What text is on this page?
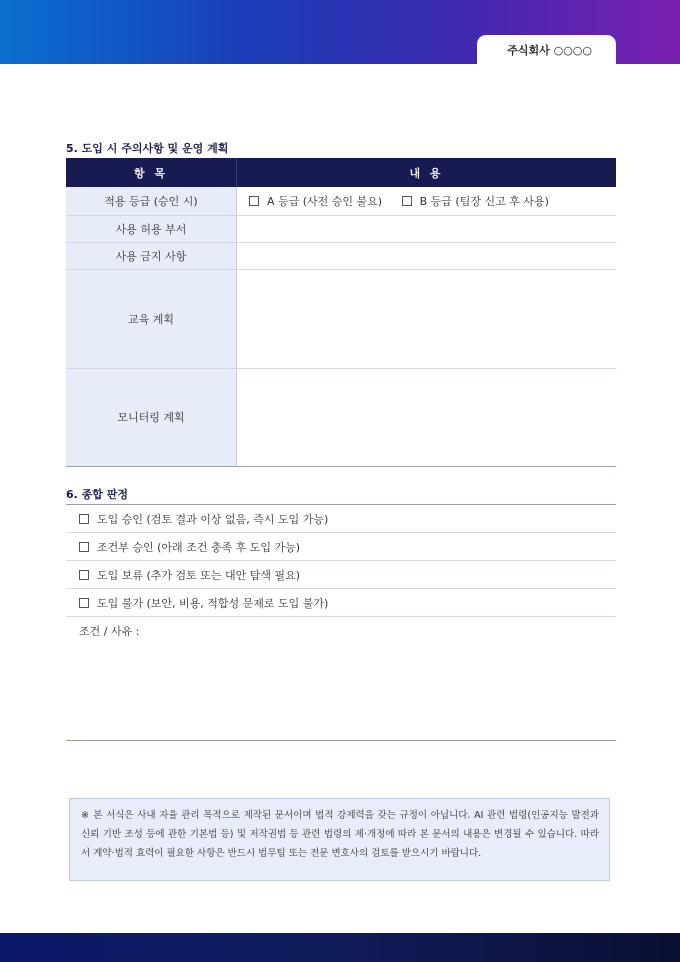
주식회사 ○○○○
5. 도입 시 주의사항 및 운영 계획
항 목	내 용
적용 등급 (승인 시)	A 등급 (사전 승인 불요)
B 등급 (팀장 신고 후 사용)

사용 허용 부서	
사용 금지 사항	
교육 계획	
모니터링 계획	
6. 종합 판정
도입 승인 (검토 결과 이상 없음, 즉시 도입 가능)
조건부 승인 (아래 조건 충족 후 도입 가능)
도입 보류 (추가 검토 또는 대안 탐색 필요)
도입 불가 (보안, 비용, 적합성 문제로 도입 불가)
조건 / 사유 :
※ 본 서식은 사내 자율 관리 목적으로 제작된 문서이며 법적 강제력을 갖는 규정이 아닙니다. AI 관련 법령(인공지능 발전과 신뢰 기반 조성 등에 관한 기본법 등) 및 저작권법 등 관련 법령의 제·개정에 따라 본 문서의 내용은 변경될 수 있습니다. 따라서 계약·법적 효력이 필요한 사항은 반드시 법무팀 또는 전문 변호사의 검토를 받으시기 바랍니다.
